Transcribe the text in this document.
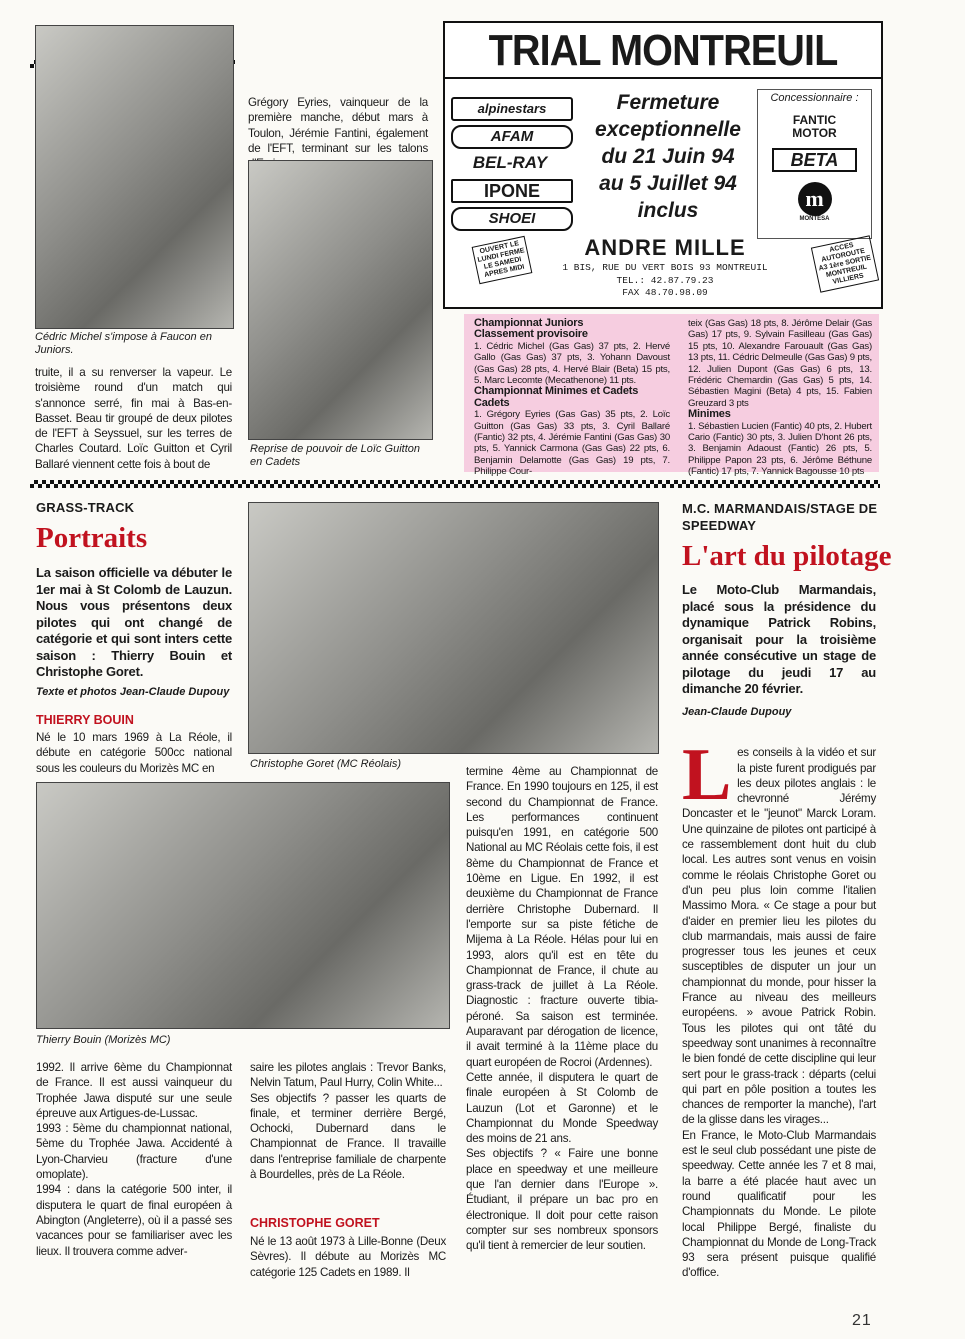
Cédric Michel s'impose à Faucon en Juniors.
truite, il a su renverser la vapeur. Le troisième round d'un match qui s'annonce serré, fin mai à Bas-en-Basset. Beau tir groupé de deux pilotes de l'EFT à Seyssuel, sur les terres de Charles Coutard. Loïc Guitton et Cyril Ballaré viennent cette fois à bout de
Grégory Eyries, vainqueur de la première manche, début mars à Toulon, Jérémie Fantini, également de l'EFT, terminant sur les talons
Reprise de pouvoir de Loïc Guitton en Cadets
TRIAL MONTREUIL
alpinestars
AFAM
BEL-RAY
IPONE
SHOEI
Fermeture
exceptionnelle
du 21 Juin 94
au 5 Juillet 94
inclus
Concessionnaire :
FANTIC MOTOR
BETA
m
MONTESA
OUVERT LE LUNDI FERME LE SAMEDI APRES MIDI
ACCES AUTOROUTE A3 1ère SORTIE MONTREUIL VILLIERS
ANDRE MILLE
1 BIS, RUE DU VERT BOIS 93 MONTREUIL
TEL.: 42.87.79.23
FAX 48.70.98.09
Championnat Juniors
Classement provisoire
1. Cédric Michel (Gas Gas) 37 pts, 2. Hervé Gallo (Gas Gas) 37 pts, 3. Yohann Davoust (Gas Gas) 28 pts, 4. Hervé Blair (Beta) 15 pts, 5. Marc Lecomte (Mecathenone) 11 pts.
Championnat Minimes et Cadets
Cadets
1. Grégory Eyries (Gas Gas) 35 pts, 2. Loïc Guitton (Gas Gas) 33 pts, 3. Cyril Ballaré (Fantic) 32 pts, 4. Jérémie Fantini (Gas Gas) 30 pts, 5. Yannick Carmona (Gas Gas) 22 pts, 6. Benjamin Delamotte (Gas Gas) 19 pts, 7. Philippe Cour-
teix (Gas Gas) 18 pts, 8. Jérôme Delair (Gas Gas) 17 pts, 9. Sylvain Fasilleau (Gas Gas) 15 pts, 10. Alexandre Farouault (Gas Gas) 13 pts, 11. Cédric Delmeulle (Gas Gas) 9 pts, 12. Julien Dupont (Gas Gas) 6 pts, 13. Frédéric Chemardin (Gas Gas) 5 pts, 14. Sébastien Magini (Beta) 4 pts, 15. Fabien Greuzard 3 pts
Minimes
1. Sébastien Lucien (Fantic) 40 pts, 2. Hubert Cario (Fantic) 30 pts, 3. Julien D'hont 26 pts, 3. Benjamin Adaoust (Fantic) 26 pts, 5. Philippe Papon 23 pts, 6. Jérôme Béthune (Fantic) 17 pts, 7. Yannick Bagousse 10 pts
GRASS-TRACK
Portraits
La saison officielle va débuter le 1er mai à St Colomb de Lauzun. Nous vous présentons deux pilotes qui ont changé de catégorie et qui sont inters cette saison : Thierry Bouin et Christophe Goret.
Texte et photos Jean-Claude Dupouy
THIERRY BOUIN
Né le 10 mars 1969 à La Réole, il débute en catégorie 500cc national sous les couleurs du Morizès MC en	Christophe Goret (MC Réolais)
Thierry Bouin (Morizès MC)
1992. Il arrive 6ème du Championnat de France. Il est aussi vainqueur du Trophée Jawa disputé sur une seule épreuve aux Artigues-de-Lussac.
1993 : 5ème du championnat national, 5ème du Trophée Jawa. Accidenté à Lyon-Charvieu (fracture d'une omoplate).
1994 : dans la catégorie 500 inter, il disputera le quart de final européen à Abington (Angleterre), où il a passé ses vacances pour se familiariser avec les lieux. Il trouvera comme adver-
saire les pilotes anglais : Trevor Banks, Nelvin Tatum, Paul Hurry, Colin White...
Ses objectifs ? passer les quarts de finale, et terminer derrière Bergé, Ochocki, Dubernard dans le Championnat de France. Il travaille dans l'entreprise familiale de charpente à Bourdelles, près de La Réole.
CHRISTOPHE GORET
Né le 13 août 1973 à Lille-Bonne (Deux Sèvres). Il débute au Morizès MC catégorie 125 Cadets en 1989. Il
termine 4ème au Championnat de France. En 1990 toujours en 125, il est second du Championnat de France. Les performances continuent puisqu'en 1991, en catégorie 500 National au MC Réolais cette fois, il est 8ème du Championnat de France et 10ème en Ligue. En 1992, il est deuxième du Championnat de France derrière Christophe Dubernard. Il l'emporte sur sa piste fétiche de Mijema à La Réole. Hélas pour lui en 1993, alors qu'il est en tête du Championnat de France, il chute au grass-track de juillet à La Réole. Diagnostic : fracture ouverte tibia-péroné. Sa saison est terminée. Auparavant par dérogation de licence, il avait terminé à la 11ème place du quart européen de Rocroi (Ardennes).
Cette année, il disputera le quart de finale européen à St Colomb de Lauzun (Lot et Garonne) et le Championnat du Monde Speedway des moins de 21 ans.
Ses objectifs ? « Faire une bonne place en speedway et une meilleure que l'an dernier dans l'Europe ». Étudiant, il prépare un bac pro en électronique. Il doit pour cette raison compter sur ses nombreux sponsors qu'il tient à remercier de leur soutien.
M.C. MARMANDAIS/STAGE DE SPEEDWAY
L'art du pilotage
Le Moto-Club Marmandais, placé sous la présidence du dynamique Patrick Robins, organisait pour la troisième année consécutive un stage de pilotage du jeudi 17 au dimanche 20 février.
Jean-Claude Dupouy

Les conseils à la vidéo et sur la piste furent prodigués par les deux pilotes anglais : le chevronné Jérémy Doncaster et le "jeunot" Marck Loram. Une quinzaine de pilotes ont participé à ce rassemblement dont huit du club local. Les autres sont venus en voisin comme le réolais Christophe Goret ou d'un peu plus loin comme l'italien Massimo Mora. « Ce stage a pour but d'aider en premier lieu les pilotes du club marmandais, mais aussi de faire progresser tous les jeunes et ceux susceptibles de disputer un jour un championnat du monde, pour hisser la France au niveau des meilleurs européens. » avoue Patrick Robin. Tous les pilotes qui ont tâté du speedway sont unanimes à reconnaître le bien fondé de cette discipline qui leur sert pour le grass-track : départs (celui qui part en pôle position a toutes les chances de remporter la manche), l'art de la glisse dans les virages...
En France, le Moto-Club Marmandais est le seul club possédant une piste de speedway. Cette année les 7 et 8 mai, la barre a été placée haut avec un round qualificatif pour les Championnats du Monde. Le pilote local Philippe Bergé, finaliste du Championnat du Monde de Long-Track 93 sera présent puisque qualifié d'office.

21
